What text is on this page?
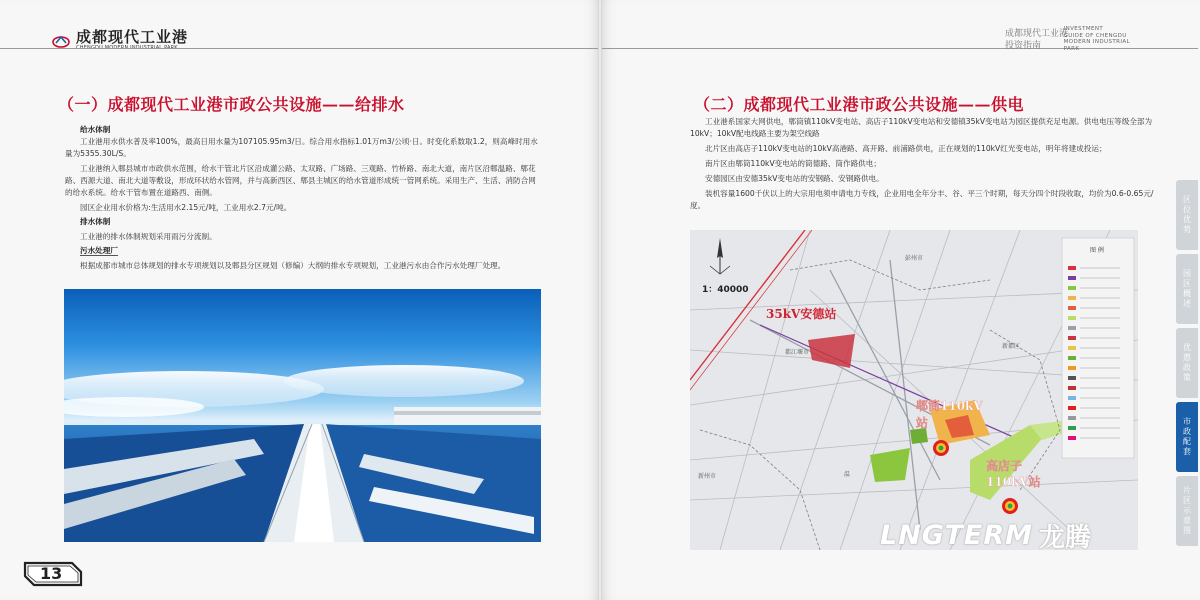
成都现代工业港
（一）成都现代工业港市政公共设施——给排水
给水体制

工业港用水供水普及率100%，最高日用水量为107105.95m3/日。综合用水指标1.01万m3/公顷·日。时变化系数取1.2，则高峰时用水量为5355.30L/S。

工业港纳入郫县城市市政供水范围，给水干管北片区沿成灌公路、太双路、广场路、三观路、竹桥路、南北大道，南片区沿郫温路、郫花路、西源大道、南北大道等敷设，形成环状给水管网，并与高新西区、郫县主城区的给水管道形成统一管网系统。采用生产、生活、消防合网的给水系统。给水干管布置在道路西、南侧。

园区企业用水价格为:生活用水2.15元/吨，工业用水2.7元/吨。

排水体制

工业港的排水体制规划采用雨污分流制。

污水处理厂

根据成都市城市总体规划的排水专项规划以及郫县分区规划（修编）大纲的排水专项规划，工业港污水由合作污水处理厂处理。

13
成都现代工业港
投资指南
INVESTMENT
GUIDE OF CHENGDU
MODERN INDUSTRIAL
PARK
（二）成都现代工业港市政公共设施——供电

工业港系国家大网供电，郫筒镇110kV变电站、高店子110kV变电站和安德镇35kV变电站为园区提供充足电源。供电电压等级全部为10kV；10kV配电线路主要为架空线路

北片区由高店子110kV变电站的10kV高港路、高开路、前浦路供电，正在规划的110kV红光变电站，明年将建成投运；

南片区由郫筒110kV变电站的筒德路、筒作路供电；

安德园区由安德35kV变电站的安钢路、安钢路供电。

装机容量1600千伏以上的大宗用电须申请电力专线，企业用电全年分丰、谷、平三个时期，每天分四个时段收取，均价为0.6-0.65元/度。

图 例
1：40000
35kV安德站
郫筒110kV
站
高店子
110kV站
彭州市
新都区
都江堰市
新州市	温
LNGTERM 龙腾
区位优势
园区概述
优惠政策
市政配套
片区示意图
